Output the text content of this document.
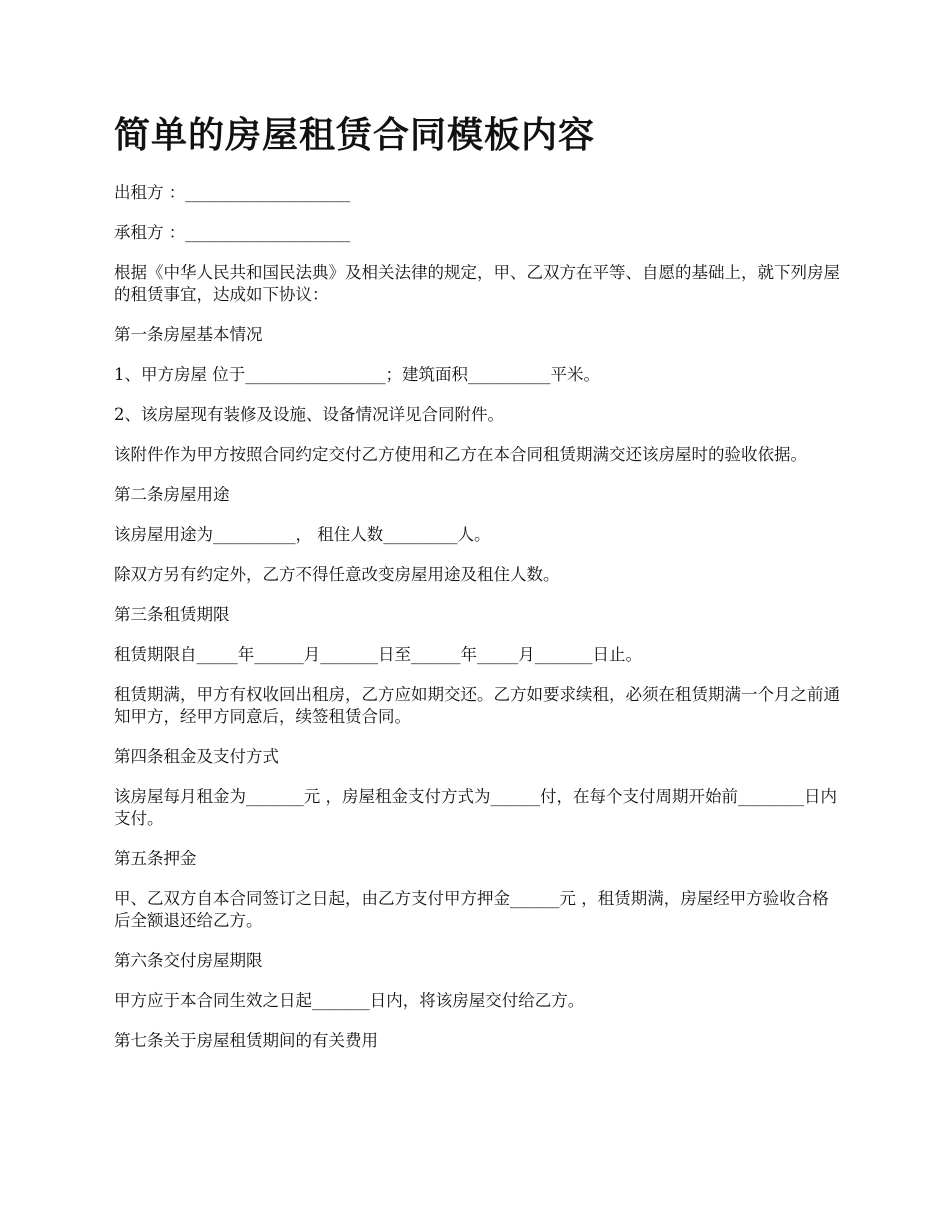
简单的房屋租赁合同模板内容
出租方 ：____________________
承租方 ：____________________
根据《中华人民共和国民法典》及相关法律的规定，甲、乙双方在平等、自愿的基础上，就下列房屋的租赁事宜，达成如下协议：
第一条房屋基本情况
1、甲方房屋 位于_________________；建筑面积__________平米。
2、该房屋现有装修及设施、设备情况详见合同附件。
该附件作为甲方按照合同约定交付乙方使用和乙方在本合同租赁期满交还该房屋时的验收依据。
第二条房屋用途
该房屋用途为__________， 租住人数_________人。
除双方另有约定外，乙方不得任意改变房屋用途及租住人数。
第三条租赁期限
租赁期限自_____年______月_______日至______年_____月_______日止。
租赁期满，甲方有权收回出租房，乙方应如期交还。乙方如要求续租，必须在租赁期满一个月之前通知甲方，经甲方同意后，续签租赁合同。
第四条租金及支付方式
该房屋每月租金为_______元 ，房屋租金支付方式为______付，在每个支付周期开始前________日内支付。
第五条押金
甲、乙双方自本合同签订之日起，由乙方支付甲方押金______元 ，租赁期满，房屋经甲方验收合格后全额退还给乙方。
第六条交付房屋期限
甲方应于本合同生效之日起_______日内，将该房屋交付给乙方。
第七条关于房屋租赁期间的有关费用
